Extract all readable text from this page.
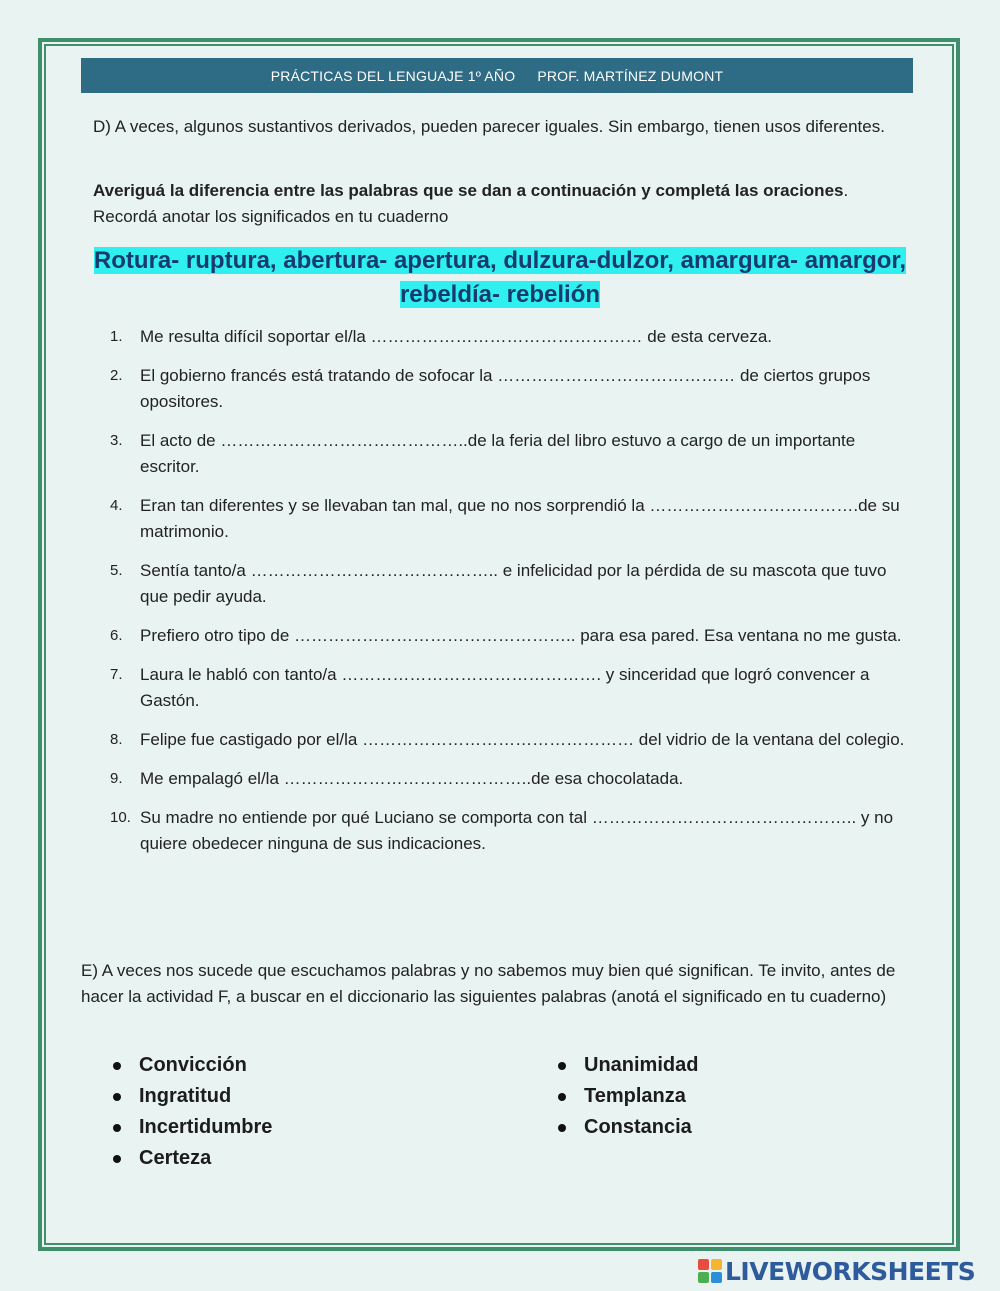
PRÁCTICAS DEL LENGUAJE 1º AÑO PROF. MARTÍNEZ DUMONT
D) A veces, algunos sustantivos derivados, pueden parecer iguales. Sin embargo, tienen usos diferentes.
Averiguá la diferencia entre las palabras que se dan a continuación y completá las oraciones.
Recordá anotar los significados en tu cuaderno
Rotura- ruptura, abertura- apertura, dulzura-dulzor, amargura- amargor,
rebeldía- rebelión
1. Me resulta difícil soportar el/la ………………………………………… de esta cerveza.
2. El gobierno francés está tratando de sofocar la …………………………………… de ciertos grupos opositores.
3. El acto de ……………………………………..de la feria del libro estuvo a cargo de un importante escritor.
4. Eran tan diferentes y se llevaban tan mal, que no nos sorprendió la ……………………………….de su matrimonio.
5. Sentía tanto/a …………………………………….. e infelicidad por la pérdida de su mascota que tuvo que pedir ayuda.
6. Prefiero otro tipo de ………………………………………….. para esa pared. Esa ventana no me gusta.
7. Laura le habló con tanto/a ………………………………………. y sinceridad que logró convencer a Gastón.
8. Felipe fue castigado por el/la ………………………………………… del vidrio de la ventana del colegio.
9. Me empalagó el/la ……………………………………..de esa chocolatada.
10. Su madre no entiende por qué Luciano se comporta con tal ……………………………………….. y no quiere obedecer ninguna de sus indicaciones.
E) A veces nos sucede que escuchamos palabras y no sabemos muy bien qué significan. Te invito, antes de hacer la actividad F, a buscar en el diccionario las siguientes palabras (anotá el significado en tu cuaderno)
Convicción
Ingratitud
Incertidumbre
Certeza
Unanimidad
Templanza
Constancia
LIVEWORKSHEETS
